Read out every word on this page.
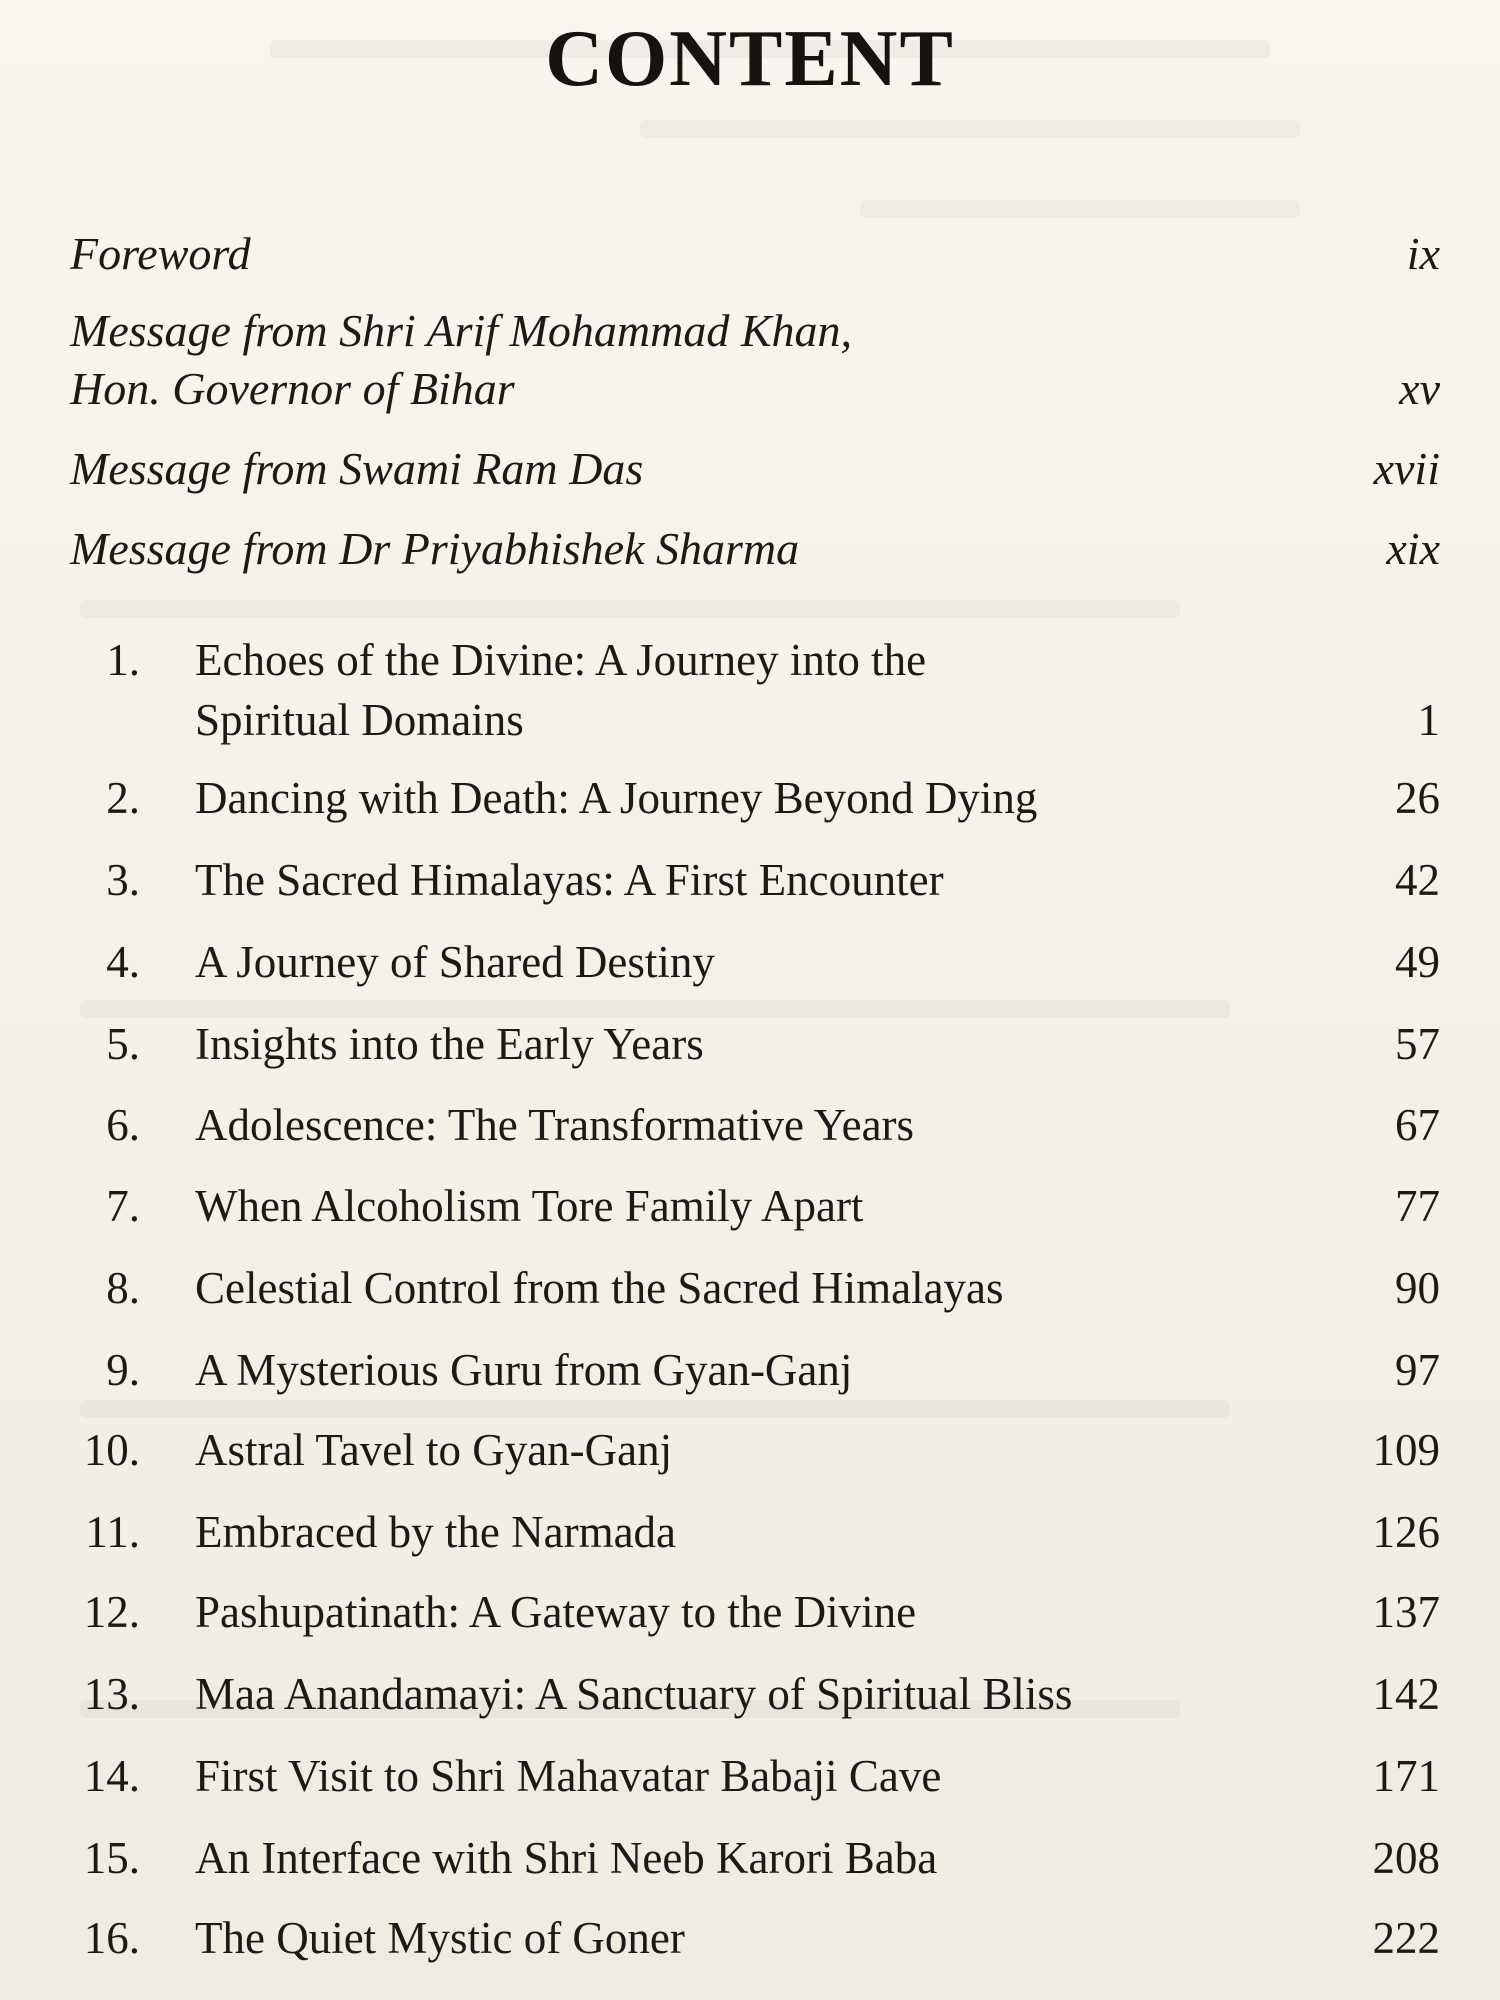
CONTENT
Foreword	ix
Message from Shri Arif Mohammad Khan,
Hon. Governor of Bihar	xv
Message from Swami Ram Das	xvii
Message from Dr Priyabhishek Sharma	xix
1. Echoes of the Divine: A Journey into the
Spiritual Domains	1
2. Dancing with Death: A Journey Beyond Dying	26
3. The Sacred Himalayas: A First Encounter	42
4. A Journey of Shared Destiny	49
5. Insights into the Early Years	57
6. Adolescence: The Transformative Years	67
7. When Alcoholism Tore Family Apart	77
8. Celestial Control from the Sacred Himalayas	90
9. A Mysterious Guru from Gyan-Ganj	97
10. Astral Tavel to Gyan-Ganj	109
11. Embraced by the Narmada	126
12. Pashupatinath: A Gateway to the Divine	137
13. Maa Anandamayi: A Sanctuary of Spiritual Bliss	142
14. First Visit to Shri Mahavatar Babaji Cave	171
15. An Interface with Shri Neeb Karori Baba	208
16. The Quiet Mystic of Goner	222
